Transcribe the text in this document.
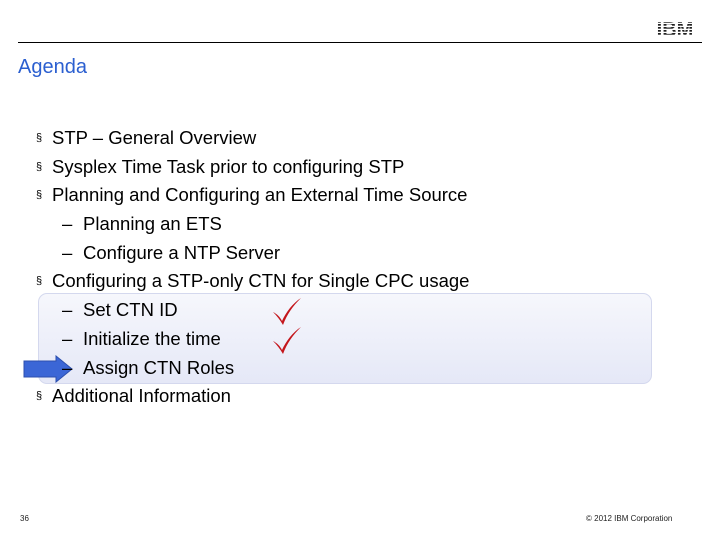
IBM
Agenda
§ STP – General Overview
§ Sysplex Time Task prior to configuring STP
§ Planning and Configuring an External Time Source
– Planning an ETS
– Configure a NTP Server
§ Configuring a STP-only CTN for Single CPC usage
– Set CTN ID
– Initialize the time
– Assign CTN Roles
§ Additional Information
36	© 2012 IBM Corporation
